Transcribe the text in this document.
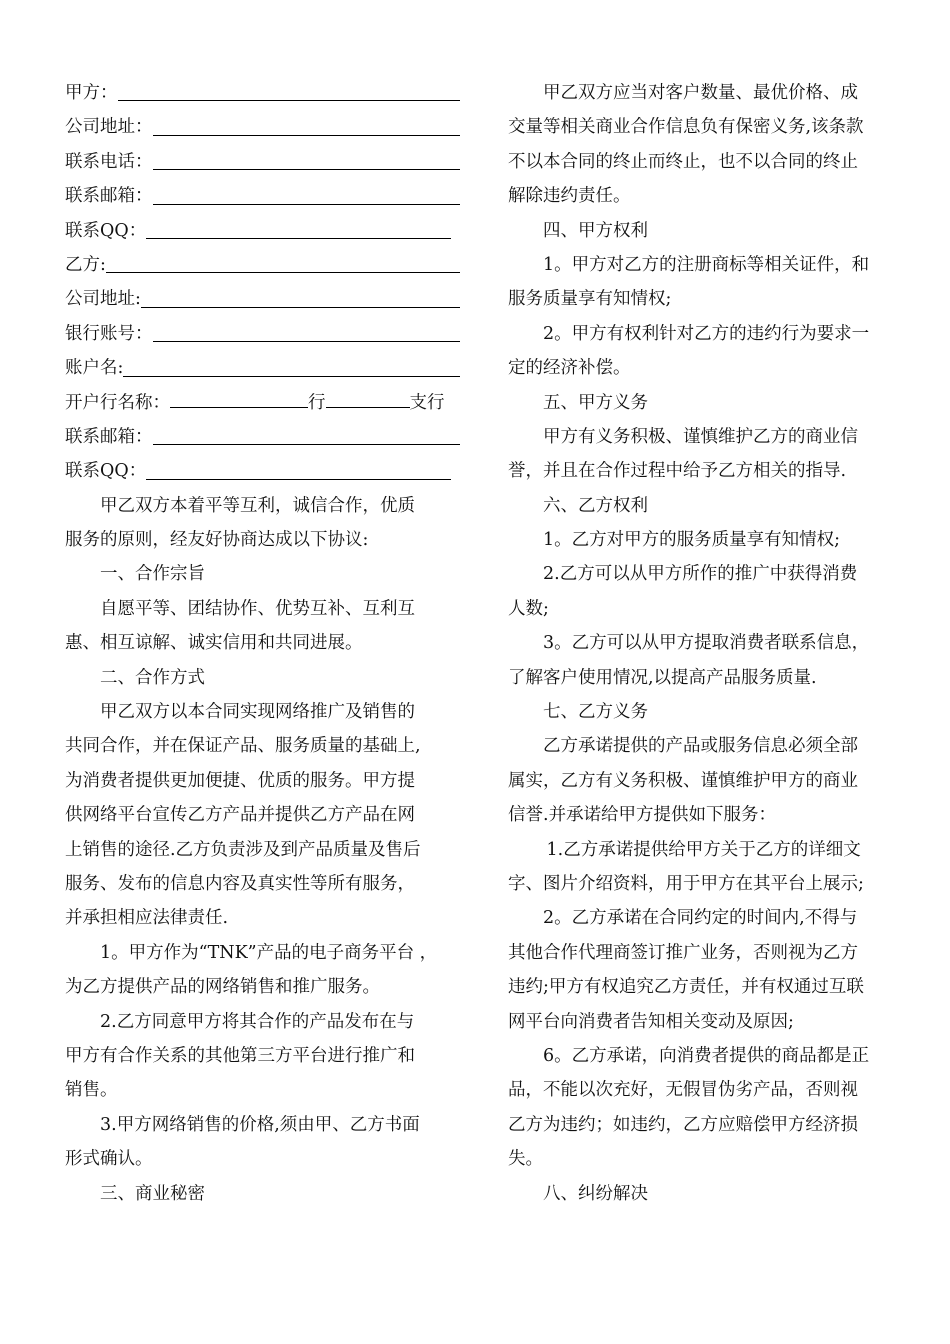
甲方：
公司地址：
联系电话：
联系邮箱：
联系QQ：
乙方:
公司地址:
银行账号：
账户名:
开户行名称：	行	支行
联系邮箱：
联系QQ：
甲乙双方本着平等互利，诚信合作，优质
服务的原则，经友好协商达成以下协议:
一、合作宗旨
自愿平等、团结协作、优势互补、互利互
惠、相互谅解、诚实信用和共同进展。
二、合作方式
甲乙双方以本合同实现网络推广及销售的
共同合作，并在保证产品、服务质量的基础上,
为消费者提供更加便捷、优质的服务。甲方提
供网络平台宣传乙方产品并提供乙方产品在网
上销售的途径.乙方负责涉及到产品质量及售后
服务、发布的信息内容及真实性等所有服务，
并承担相应法律责任.
1。甲方作为“TNK”产品的电子商务平台 ，
为乙方提供产品的网络销售和推广服务。
2.乙方同意甲方将其合作的产品发布在与
甲方有合作关系的其他第三方平台进行推广和
销售。
3.甲方网络销售的价格,须由甲、乙方书面
形式确认。
三、商业秘密
甲乙双方应当对客户数量、最优价格、成
交量等相关商业合作信息负有保密义务,该条款
不以本合同的终止而终止，也不以合同的终止
解除违约责任。
四、甲方权利
1。甲方对乙方的注册商标等相关证件，和
服务质量享有知情权;
2。甲方有权利针对乙方的违约行为要求一
定的经济补偿。
五、甲方义务
甲方有义务积极、谨慎维护乙方的商业信
誉，并且在合作过程中给予乙方相关的指导.
六、乙方权利
1。乙方对甲方的服务质量享有知情权;
2.乙方可以从甲方所作的推广中获得消费
人数;
3。乙方可以从甲方提取消费者联系信息，
了解客户使用情况,以提高产品服务质量.
七、乙方义务
乙方承诺提供的产品或服务信息必须全部
属实，乙方有义务积极、谨慎维护甲方的商业
信誉.并承诺给甲方提供如下服务：
1.乙方承诺提供给甲方关于乙方的详细文
字、图片介绍资料，用于甲方在其平台上展示;
2。乙方承诺在合同约定的时间内,不得与
其他合作代理商签订推广业务，否则视为乙方
违约;甲方有权追究乙方责任，并有权通过互联
网平台向消费者告知相关变动及原因;
6。乙方承诺，向消费者提供的商品都是正
品，不能以次充好，无假冒伪劣产品，否则视
乙方为违约；如违约，乙方应赔偿甲方经济损
失。
八、纠纷解决
